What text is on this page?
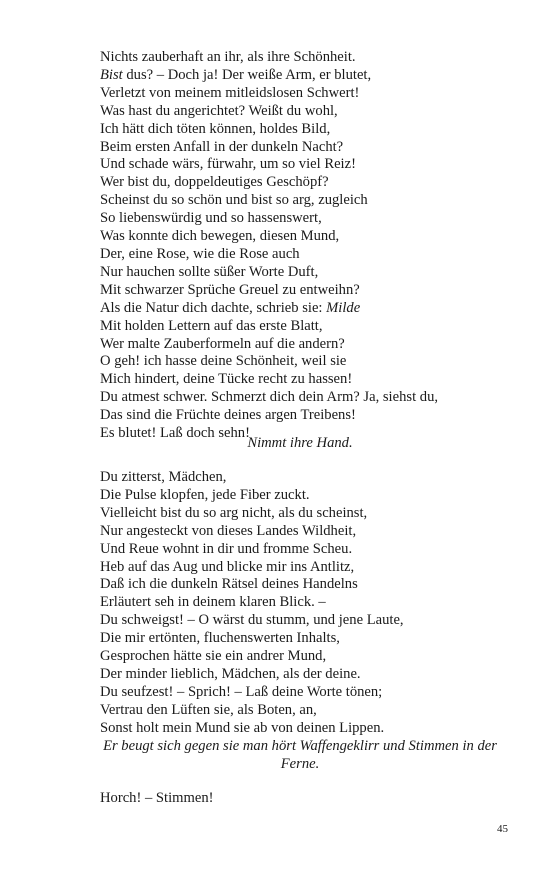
Nichts zauberhaft an ihr, als ihre Schönheit.
Bist dus? – Doch ja! Der weiße Arm, er blutet,
Verletzt von meinem mitleidslosen Schwert!
Was hast du angerichtet? Weißt du wohl,
Ich hätt dich töten können, holdes Bild,
Beim ersten Anfall in der dunkeln Nacht?
Und schade wärs, fürwahr, um so viel Reiz!
Wer bist du, doppeldeutiges Geschöpf?
Scheinst du so schön und bist so arg, zugleich
So liebenswürdig und so hassenswert,
Was konnte dich bewegen, diesen Mund,
Der, eine Rose, wie die Rose auch
Nur hauchen sollte süßer Worte Duft,
Mit schwarzer Sprüche Greuel zu entweihn?
Als die Natur dich dachte, schrieb sie: Milde
Mit holden Lettern auf das erste Blatt,
Wer malte Zauberformeln auf die andern?
O geh! ich hasse deine Schönheit, weil sie
Mich hindert, deine Tücke recht zu hassen!
Du atmest schwer. Schmerzt dich dein Arm? Ja, siehst du,
Das sind die Früchte deines argen Treibens!
Es blutet! Laß doch sehn!
Nimmt ihre Hand.
Du zitterst, Mädchen,
Die Pulse klopfen, jede Fiber zuckt.
Vielleicht bist du so arg nicht, als du scheinst,
Nur angesteckt von dieses Landes Wildheit,
Und Reue wohnt in dir und fromme Scheu.
Heb auf das Aug und blicke mir ins Antlitz,
Daß ich die dunkeln Rätsel deines Handelns
Erläutert seh in deinem klaren Blick. –
Du schweigst! – O wärst du stumm, und jene Laute,
Die mir ertönten, fluchenswerten Inhalts,
Gesprochen hätte sie ein andrer Mund,
Der minder lieblich, Mädchen, als der deine.
Du seufzest! – Sprich! – Laß deine Worte tönen;
Vertrau den Lüften sie, als Boten, an,
Sonst holt mein Mund sie ab von deinen Lippen.
Er beugt sich gegen sie man hört Waffengeklirr und Stimmen in der
Ferne.
Horch! – Stimmen!
45
